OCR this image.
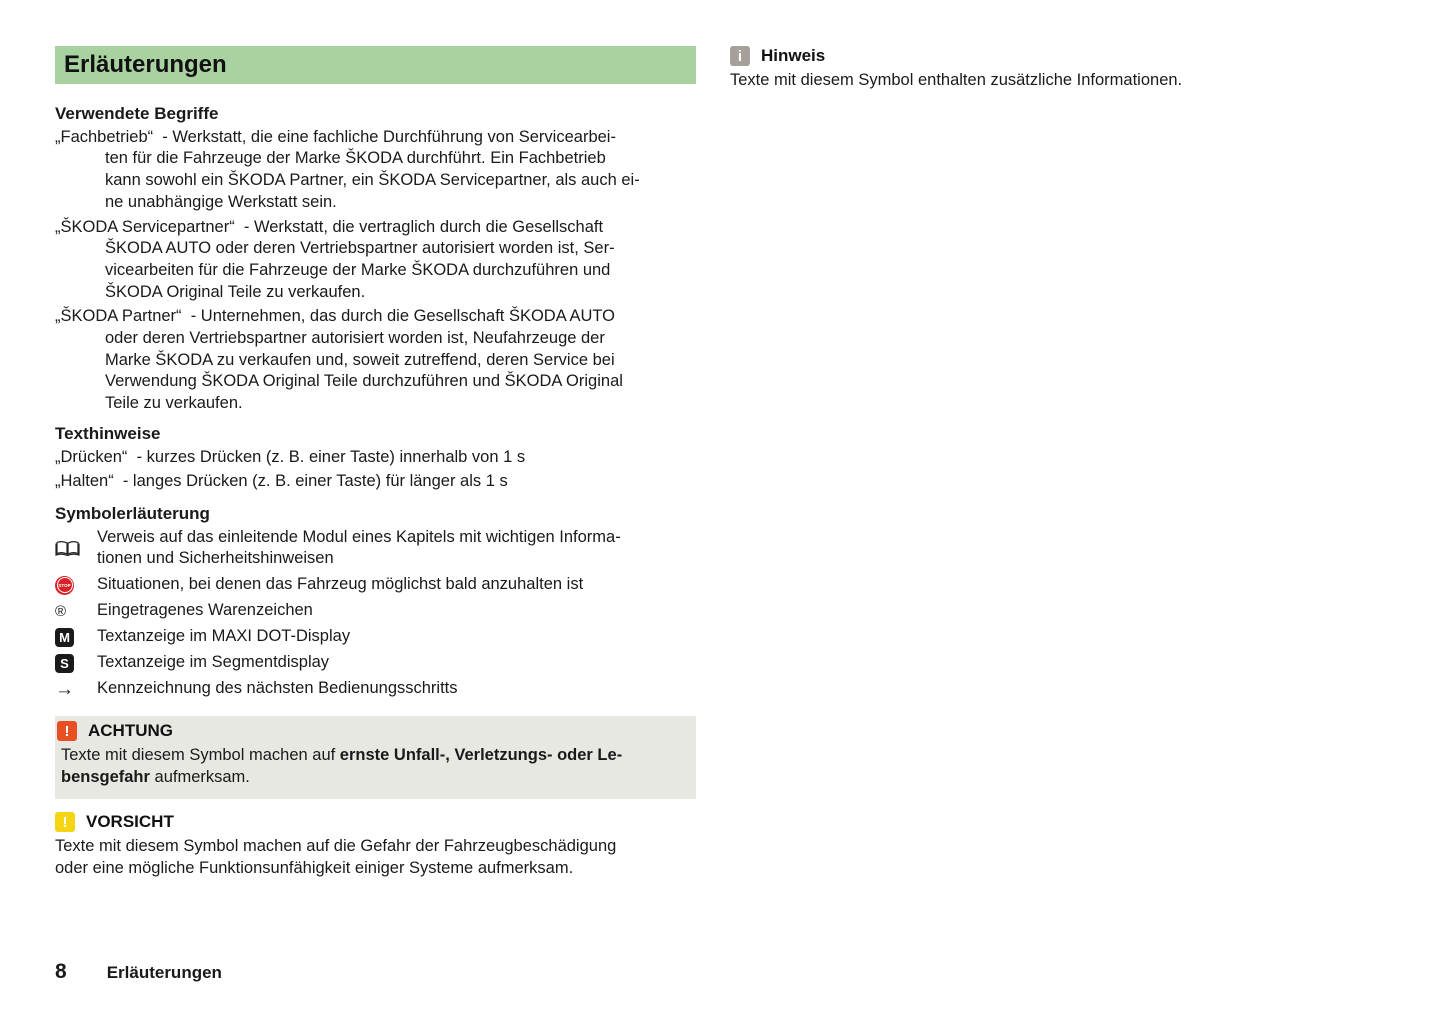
Erläuterungen
Verwendete Begriffe
„Fachbetrieb“  - Werkstatt, die eine fachliche Durchführung von Servicearbei-
ten für die Fahrzeuge der Marke ŠKODA durchführt. Ein Fachbetrieb
kann sowohl ein ŠKODA Partner, ein ŠKODA Servicepartner, als auch ei-
ne unabhängige Werkstatt sein.
„ŠKODA Servicepartner“  - Werkstatt, die vertraglich durch die Gesellschaft
ŠKODA AUTO oder deren Vertriebspartner autorisiert worden ist, Ser-
vicearbeiten für die Fahrzeuge der Marke ŠKODA durchzuführen und
ŠKODA Original Teile zu verkaufen.
„ŠKODA Partner“  - Unternehmen, das durch die Gesellschaft ŠKODA AUTO
oder deren Vertriebspartner autorisiert worden ist, Neufahrzeuge der
Marke ŠKODA zu verkaufen und, soweit zutreffend, deren Service bei
Verwendung ŠKODA Original Teile durchzuführen und ŠKODA Original
Teile zu verkaufen.
Texthinweise
„Drücken“  - kurzes Drücken (z. B. einer Taste) innerhalb von 1 s
„Halten“  - langes Drücken (z. B. einer Taste) für länger als 1 s
Symbolerläuterung
Verweis auf das einleitende Modul eines Kapitels mit wichtigen Informa-
tionen und Sicherheitshinweisen
STOP Situationen, bei denen das Fahrzeug möglichst bald anzuhalten ist
® Eingetragenes Warenzeichen
M Textanzeige im MAXI DOT-Display
S	Textanzeige im Segmentdisplay
→ Kennzeichnung des nächsten Bedienungsschritts
!	ACHTUNG
Texte mit diesem Symbol machen auf ernste Unfall-, Verletzungs- oder Le-
bensgefahr aufmerksam.
!	VORSICHT
Texte mit diesem Symbol machen auf die Gefahr der Fahrzeugbeschädigung
oder eine mögliche Funktionsunfähigkeit einiger Systeme aufmerksam.
i	Hinweis
Texte mit diesem Symbol enthalten zusätzliche Informationen.
8 Erläuterungen
